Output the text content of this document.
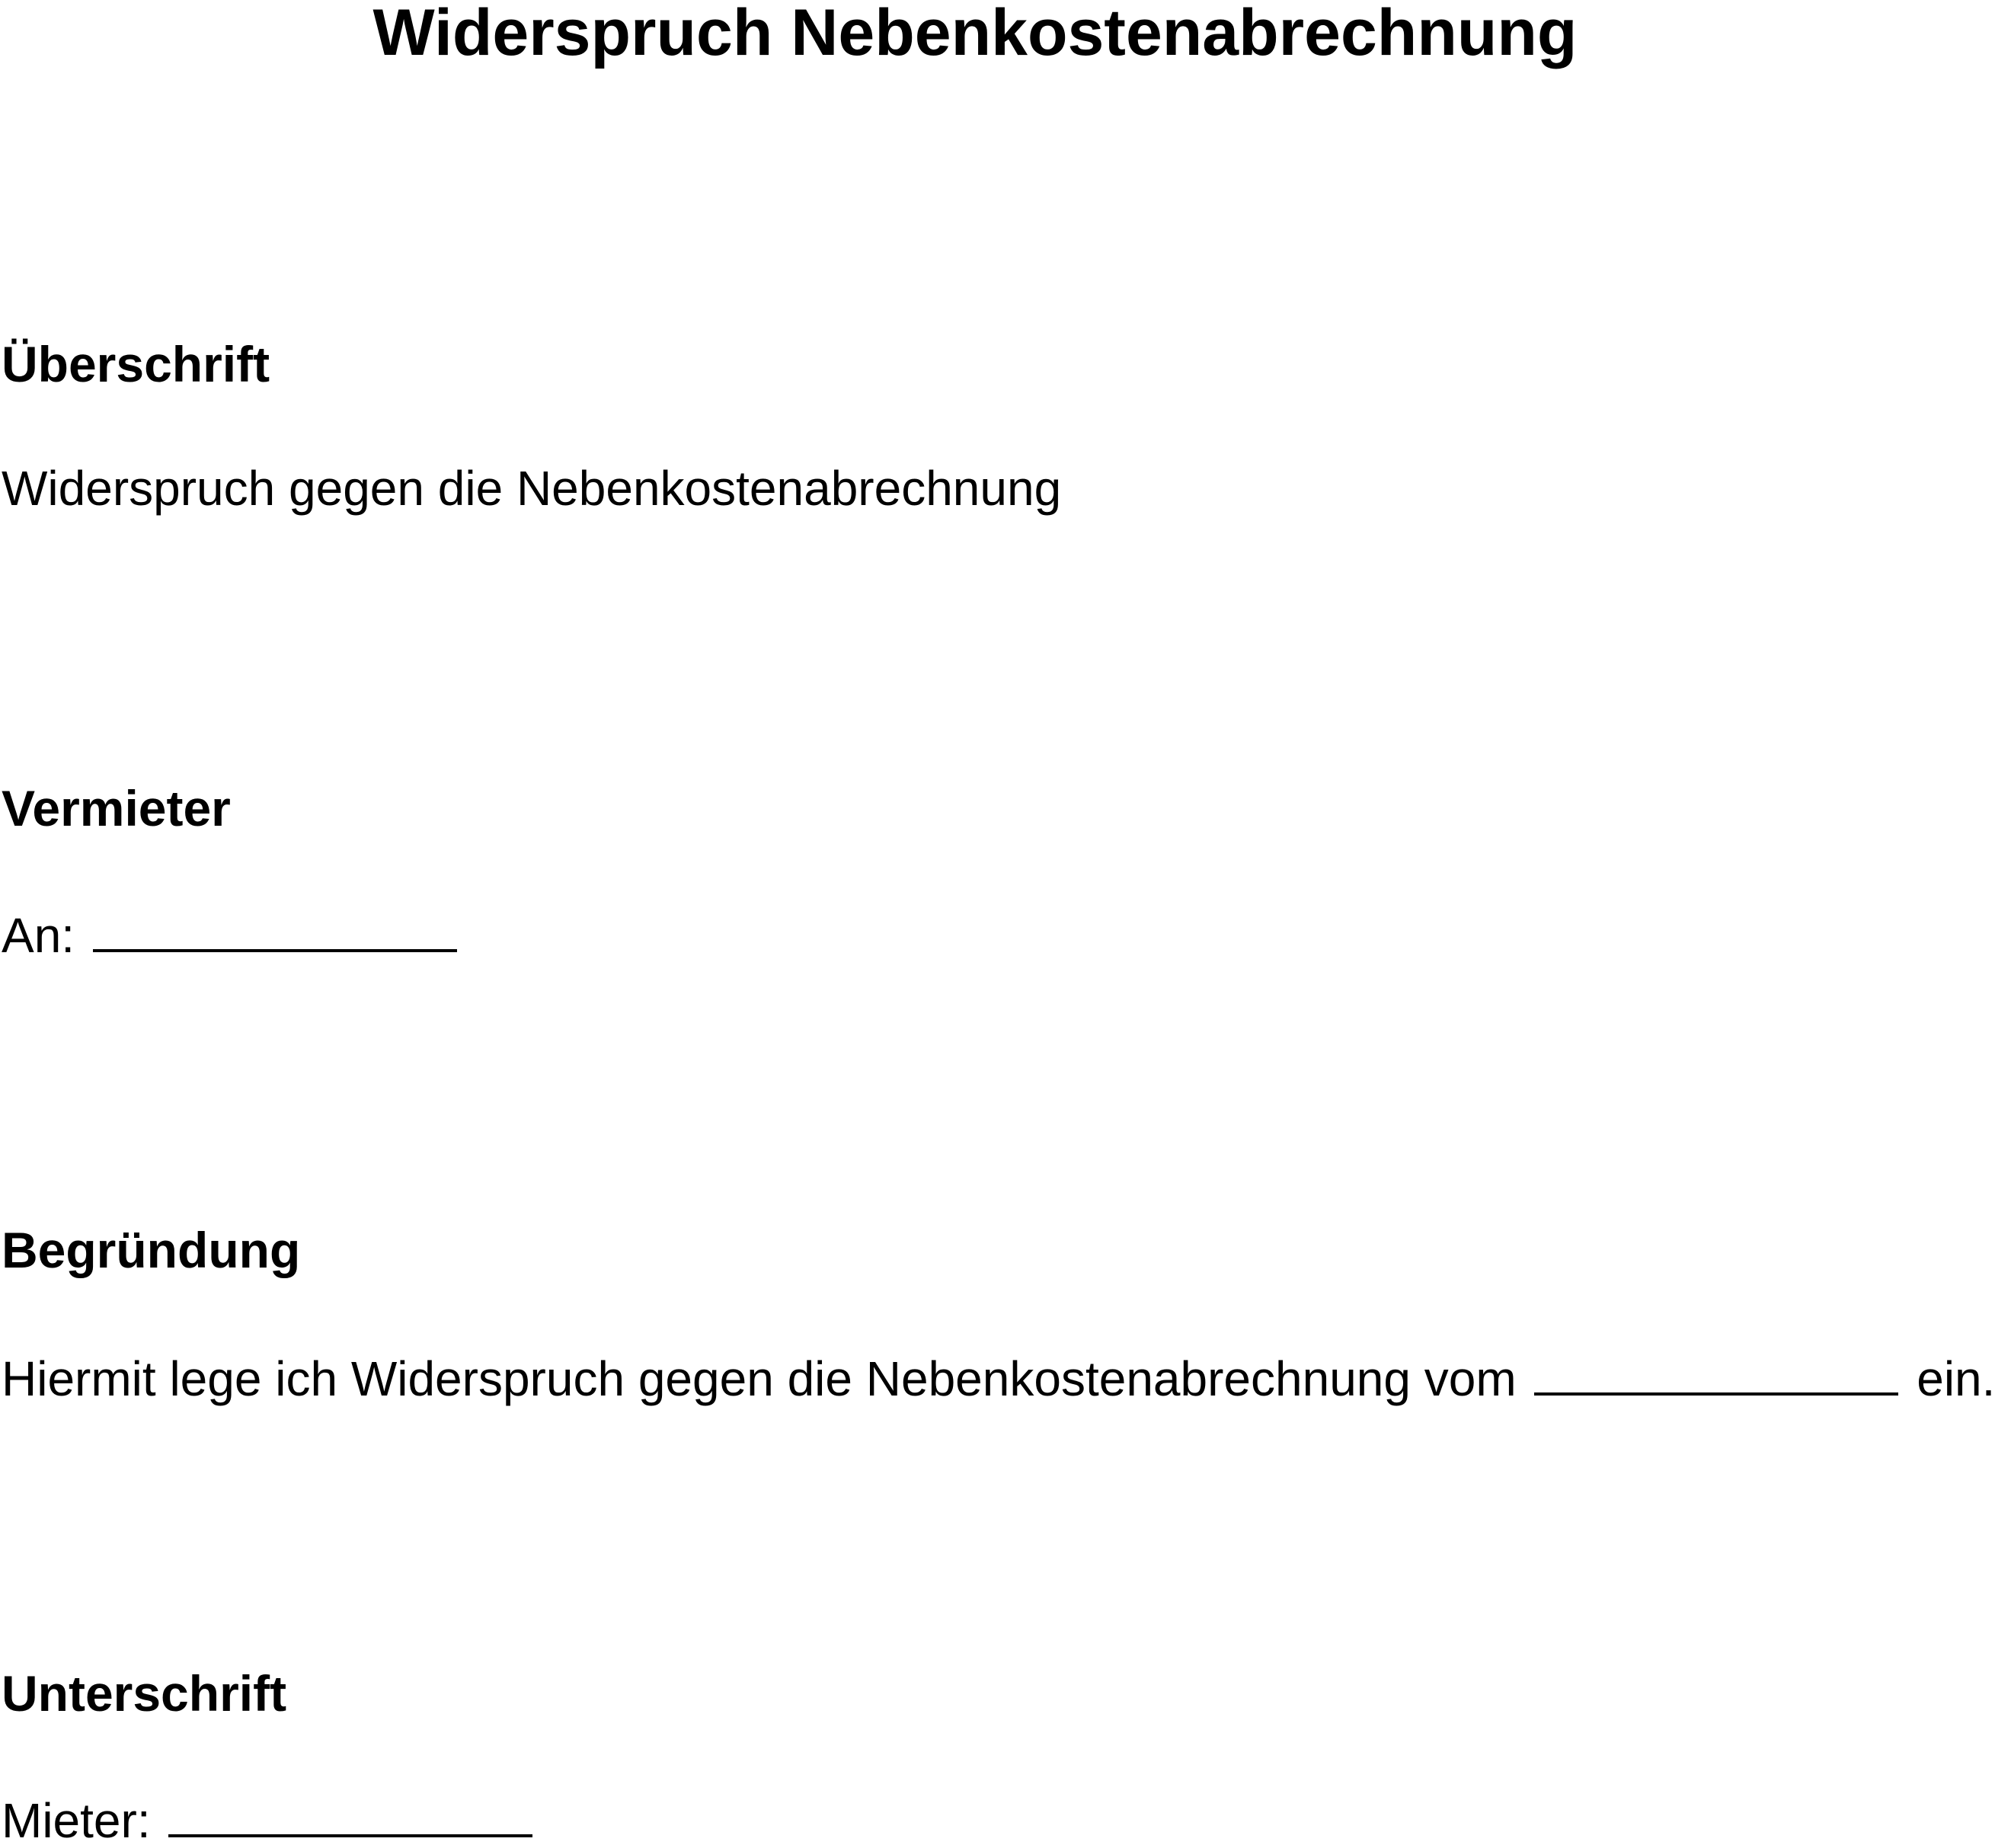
Widerspruch Nebenkostenabrechnung
Überschrift
Widerspruch gegen die Nebenkostenabrechnung
Vermieter
An:
Begründung
Hiermit lege ich Widerspruch gegen die Nebenkostenabrechnung vom	ein.
Unterschrift
Mieter:
